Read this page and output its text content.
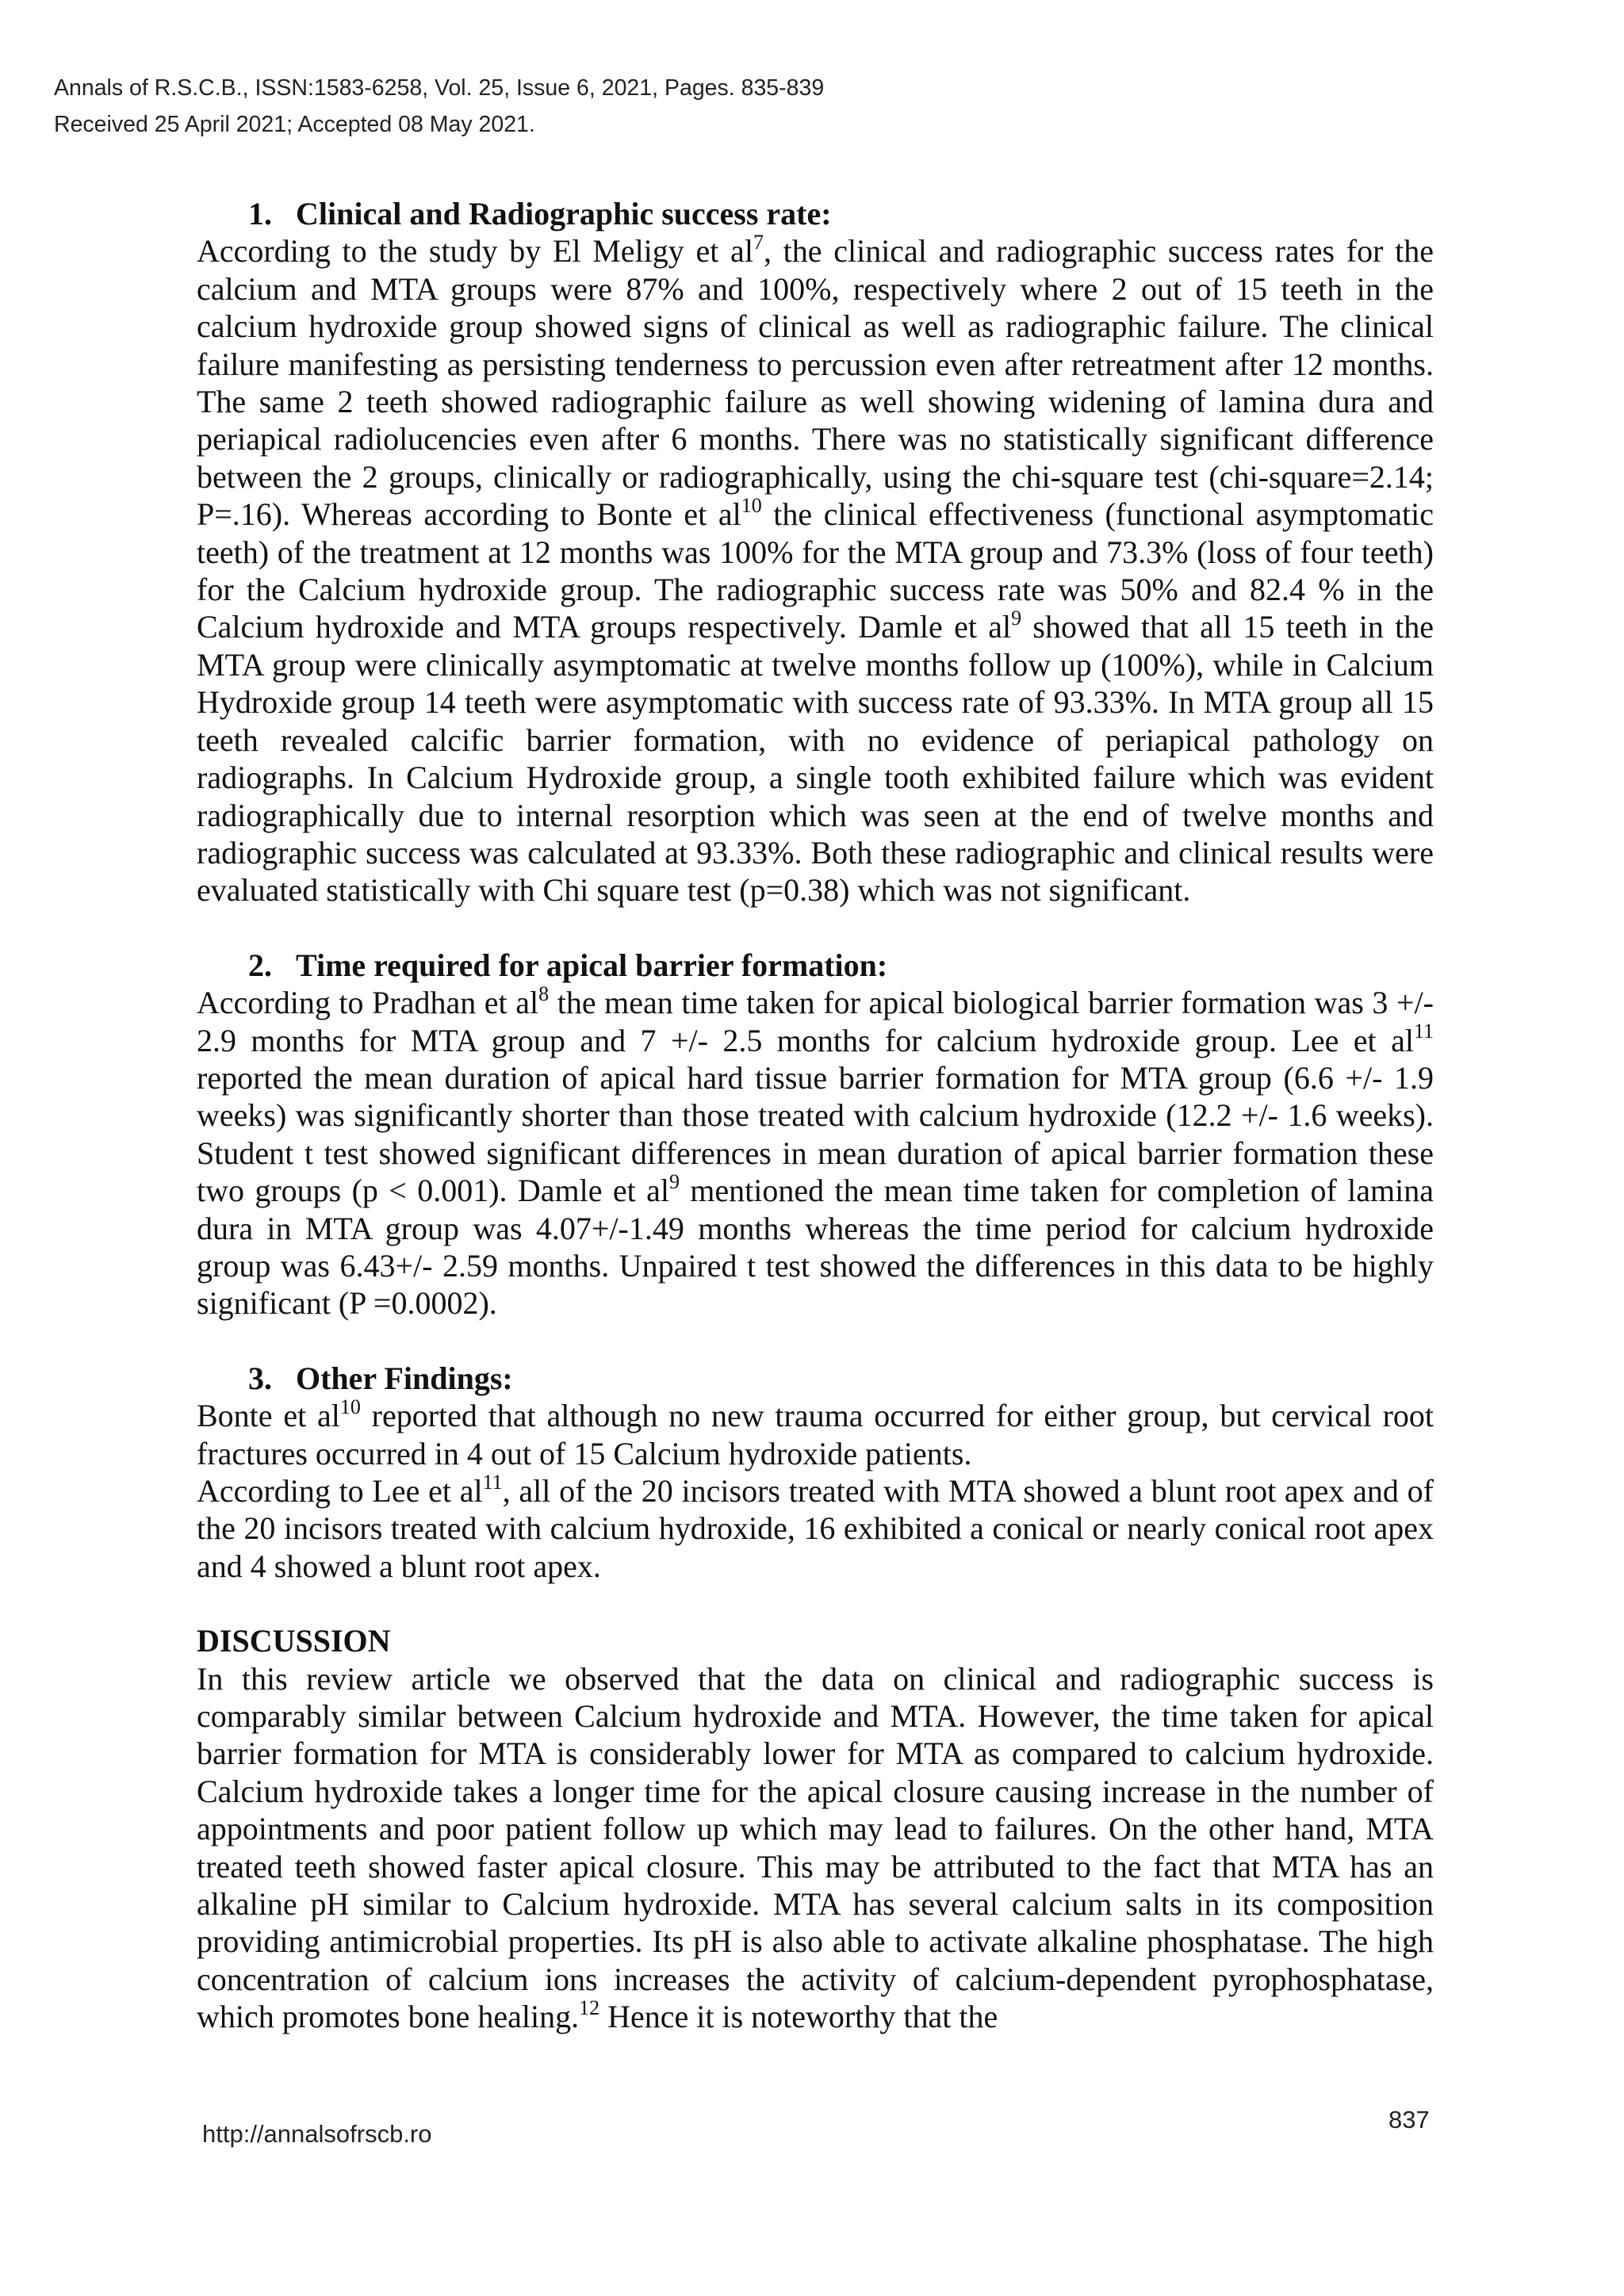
Annals of R.S.C.B., ISSN:1583-6258, Vol. 25, Issue 6, 2021, Pages. 835-839
Received 25 April 2021; Accepted 08 May 2021.
1. Clinical and Radiographic success rate:

According to the study by El Meligy et $al^7$, the clinical and radiographic success rates for the calcium and MTA groups were 87% and 100%, respectively where 2 out of 15 teeth in the calcium hydroxide group showed signs of clinical as well as radiographic failure. The clinical failure manifesting as persisting tenderness to percussion even after retreatment after 12 months. The same 2 teeth showed radiographic failure as well showing widening of lamina dura and periapical radiolucencies even after 6 months. There was no statistically significant difference between the 2 groups, clinically or radiographically, using the chi-square test (chi-square=2.14; P=.16). Whereas according to Bonte et $al^{10}$ the clinical effectiveness (functional asymptomatic teeth) of the treatment at 12 months was 100% for the MTA group and 73.3% (loss of four teeth) for the Calcium hydroxide group. The radiographic success rate was 50% and 82.4 % in the Calcium hydroxide and MTA groups respectively. Damle et $al^9$ showed that all 15 teeth in the MTA group were clinically asymptomatic at twelve months follow up (100%), while in Calcium Hydroxide group 14 teeth were asymptomatic with success rate of 93.33%. In MTA group all 15 teeth revealed calcific barrier formation, with no evidence of periapical pathology on radiographs. In Calcium Hydroxide group, a single tooth exhibited failure which was evident radiographically due to internal resorption which was seen at the end of twelve months and radiographic success was calculated at 93.33%. Both these radiographic and clinical results were evaluated statistically with Chi square test (p=0.38) which was not significant.

2. Time required for apical barrier formation:

According to Pradhan et $al^8$ the mean time taken for apical biological barrier formation was 3 +/- 2.9 months for MTA group and 7 +/- 2.5 months for calcium hydroxide group. Lee et $al^{11}$ reported the mean duration of apical hard tissue barrier formation for MTA group (6.6 +/- 1.9 weeks) was significantly shorter than those treated with calcium hydroxide (12.2 +/- 1.6 weeks). Student t test showed significant differences in mean duration of apical barrier formation these two groups (p < 0.001). Damle et $al^9$ mentioned the mean time taken for completion of lamina dura in MTA group was 4.07+/-1.49 months whereas the time period for calcium hydroxide group was 6.43+/- 2.59 months. Unpaired t test showed the differences in this data to be highly significant (P =0.0002).

3. Other Findings:

Bonte et $al^{10}$ reported that although no new trauma occurred for either group, but cervical root fractures occurred in 4 out of 15 Calcium hydroxide patients.

According to Lee et $al^{11}$, all of the 20 incisors treated with MTA showed a blunt root apex and of the 20 incisors treated with calcium hydroxide, 16 exhibited a conical or nearly conical root apex and 4 showed a blunt root apex.

DISCUSSION

In this review article we observed that the data on clinical and radiographic success is comparably similar between Calcium hydroxide and MTA. However, the time taken for apical barrier formation for MTA is considerably lower for MTA as compared to calcium hydroxide. Calcium hydroxide takes a longer time for the apical closure causing increase in the number of appointments and poor patient follow up which may lead to failures. On the other hand, MTA treated teeth showed faster apical closure. This may be attributed to the fact that MTA has an alkaline pH similar to Calcium hydroxide. MTA has several calcium salts in its composition providing antimicrobial properties. Its pH is also able to activate alkaline phosphatase. The high concentration of calcium ions increases the activity of calcium-dependent pyrophosphatase, which promotes bone healing.$^{12}$ Hence it is noteworthy that the

http://annalsofrscb.ro
837
